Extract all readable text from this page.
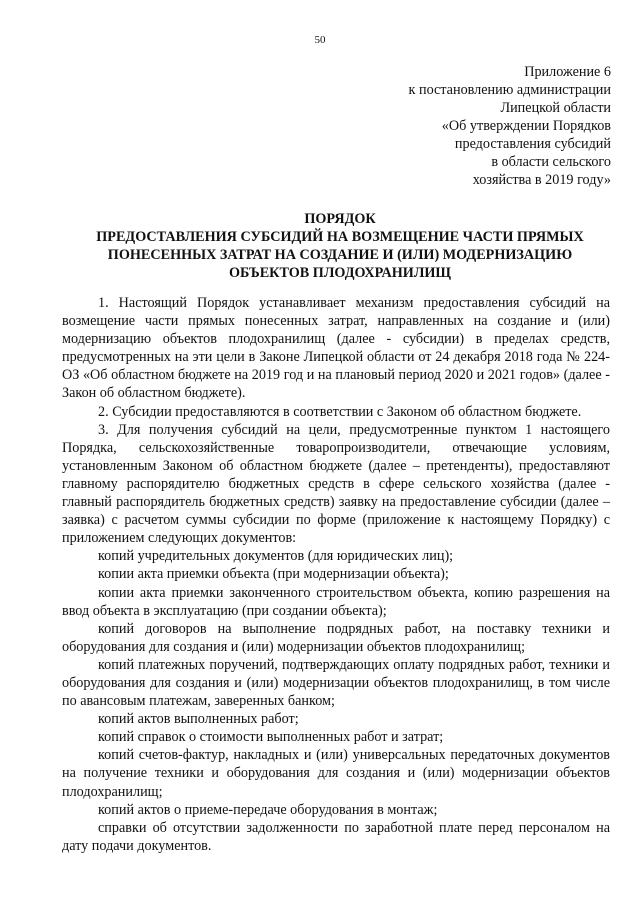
50
Приложение 6
к постановлению администрации
Липецкой области
«Об утверждении Порядков
предоставления субсидий
в области сельского
хозяйства в 2019 году»
ПОРЯДОК
ПРЕДОСТАВЛЕНИЯ СУБСИДИЙ НА ВОЗМЕЩЕНИЕ ЧАСТИ ПРЯМЫХ
ПОНЕСЕННЫХ ЗАТРАТ НА СОЗДАНИЕ И (ИЛИ) МОДЕРНИЗАЦИЮ
ОБЪЕКТОВ ПЛОДОХРАНИЛИЩ

1. Настоящий Порядок устанавливает механизм предоставления субсидий на возмещение части прямых понесенных затрат, направленных на создание и (или) модернизацию объектов плодохранилищ (далее - субсидии) в пределах средств, предусмотренных на эти цели в Законе Липецкой области от 24 декабря 2018 года № 224-ОЗ «Об областном бюджете на 2019 год и на плановый период 2020 и 2021 годов» (далее - Закон об областном бюджете).

2. Субсидии предоставляются в соответствии с Законом об областном бюджете.

3. Для получения субсидий на цели, предусмотренные пунктом 1 настоящего Порядка, сельскохозяйственные товаропроизводители, отвечающие условиям, установленным Законом об областном бюджете (далее – претенденты), предоставляют главному распорядителю бюджетных средств в сфере сельского хозяйства (далее - главный распорядитель бюджетных средств) заявку на предоставление субсидии (далее – заявка) с расчетом суммы субсидии по форме (приложение к настоящему Порядку) с приложением следующих документов:

копий учредительных документов (для юридических лиц);

копии акта приемки объекта (при модернизации объекта);

копии акта приемки законченного строительством объекта, копию разрешения на ввод объекта в эксплуатацию (при создании объекта);

копий договоров на выполнение подрядных работ, на поставку техники и оборудования для создания и (или) модернизации объектов плодохранилищ;

копий платежных поручений, подтверждающих оплату подрядных работ, техники и оборудования для создания и (или) модернизации объектов плодохранилищ, в том числе по авансовым платежам, заверенных банком;

копий актов выполненных работ;

копий справок о стоимости выполненных работ и затрат;

копий счетов-фактур, накладных и (или) универсальных передаточных документов на получение техники и оборудования для создания и (или) модернизации объектов плодохранилищ;

копий актов о приеме-передаче оборудования в монтаж;

справки об отсутствии задолженности по заработной плате перед персоналом на дату подачи документов.
